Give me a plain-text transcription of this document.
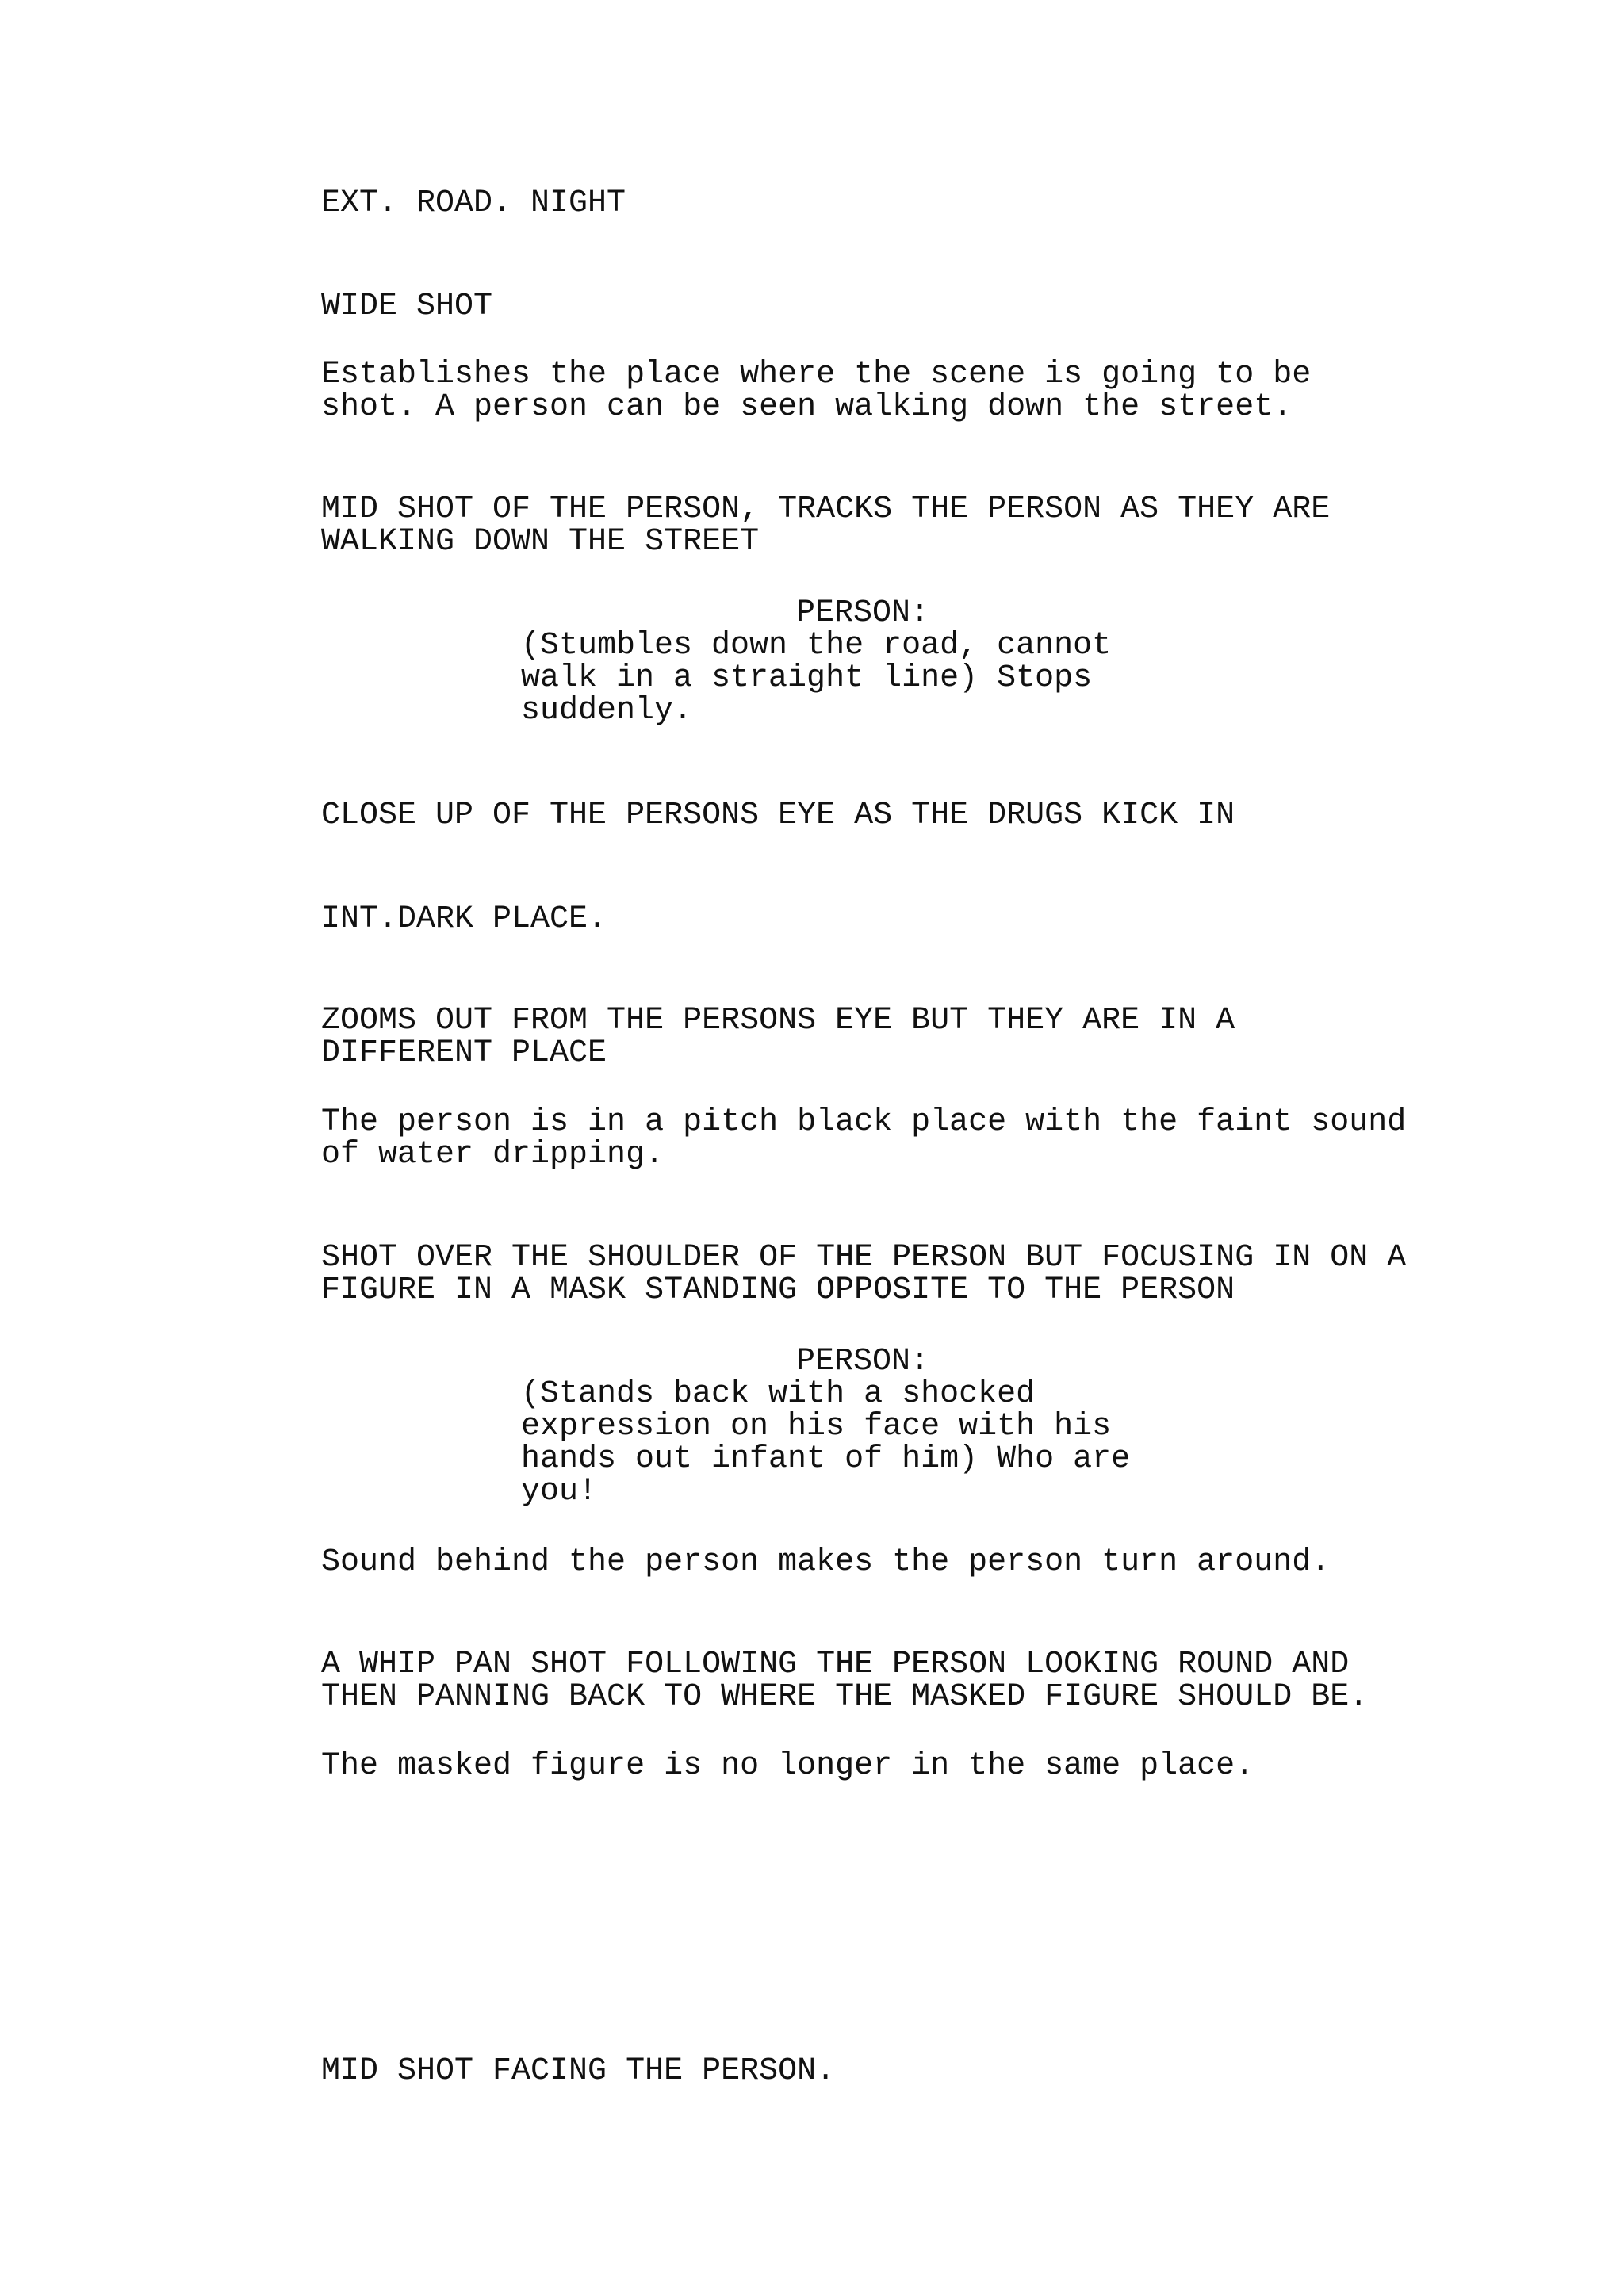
EXT. ROAD. NIGHT

WIDE SHOT

Establishes the place where the scene is going to be
shot. A person can be seen walking down the street.

MID SHOT OF THE PERSON, TRACKS THE PERSON AS THEY ARE
WALKING DOWN THE STREET

PERSON:

(Stumbles down the road, cannot
walk in a straight line) Stops
suddenly.

CLOSE UP OF THE PERSONS EYE AS THE DRUGS KICK IN

INT.DARK PLACE.

ZOOMS OUT FROM THE PERSONS EYE BUT THEY ARE IN A
DIFFERENT PLACE

The person is in a pitch black place with the faint sound
of water dripping.

SHOT OVER THE SHOULDER OF THE PERSON BUT FOCUSING IN ON A
FIGURE IN A MASK STANDING OPPOSITE TO THE PERSON

PERSON:

(Stands back with a shocked
expression on his face with his
hands out infant of him) Who are
you!

Sound behind the person makes the person turn around.

A WHIP PAN SHOT FOLLOWING THE PERSON LOOKING ROUND AND
THEN PANNING BACK TO WHERE THE MASKED FIGURE SHOULD BE.

The masked figure is no longer in the same place.

MID SHOT FACING THE PERSON.
